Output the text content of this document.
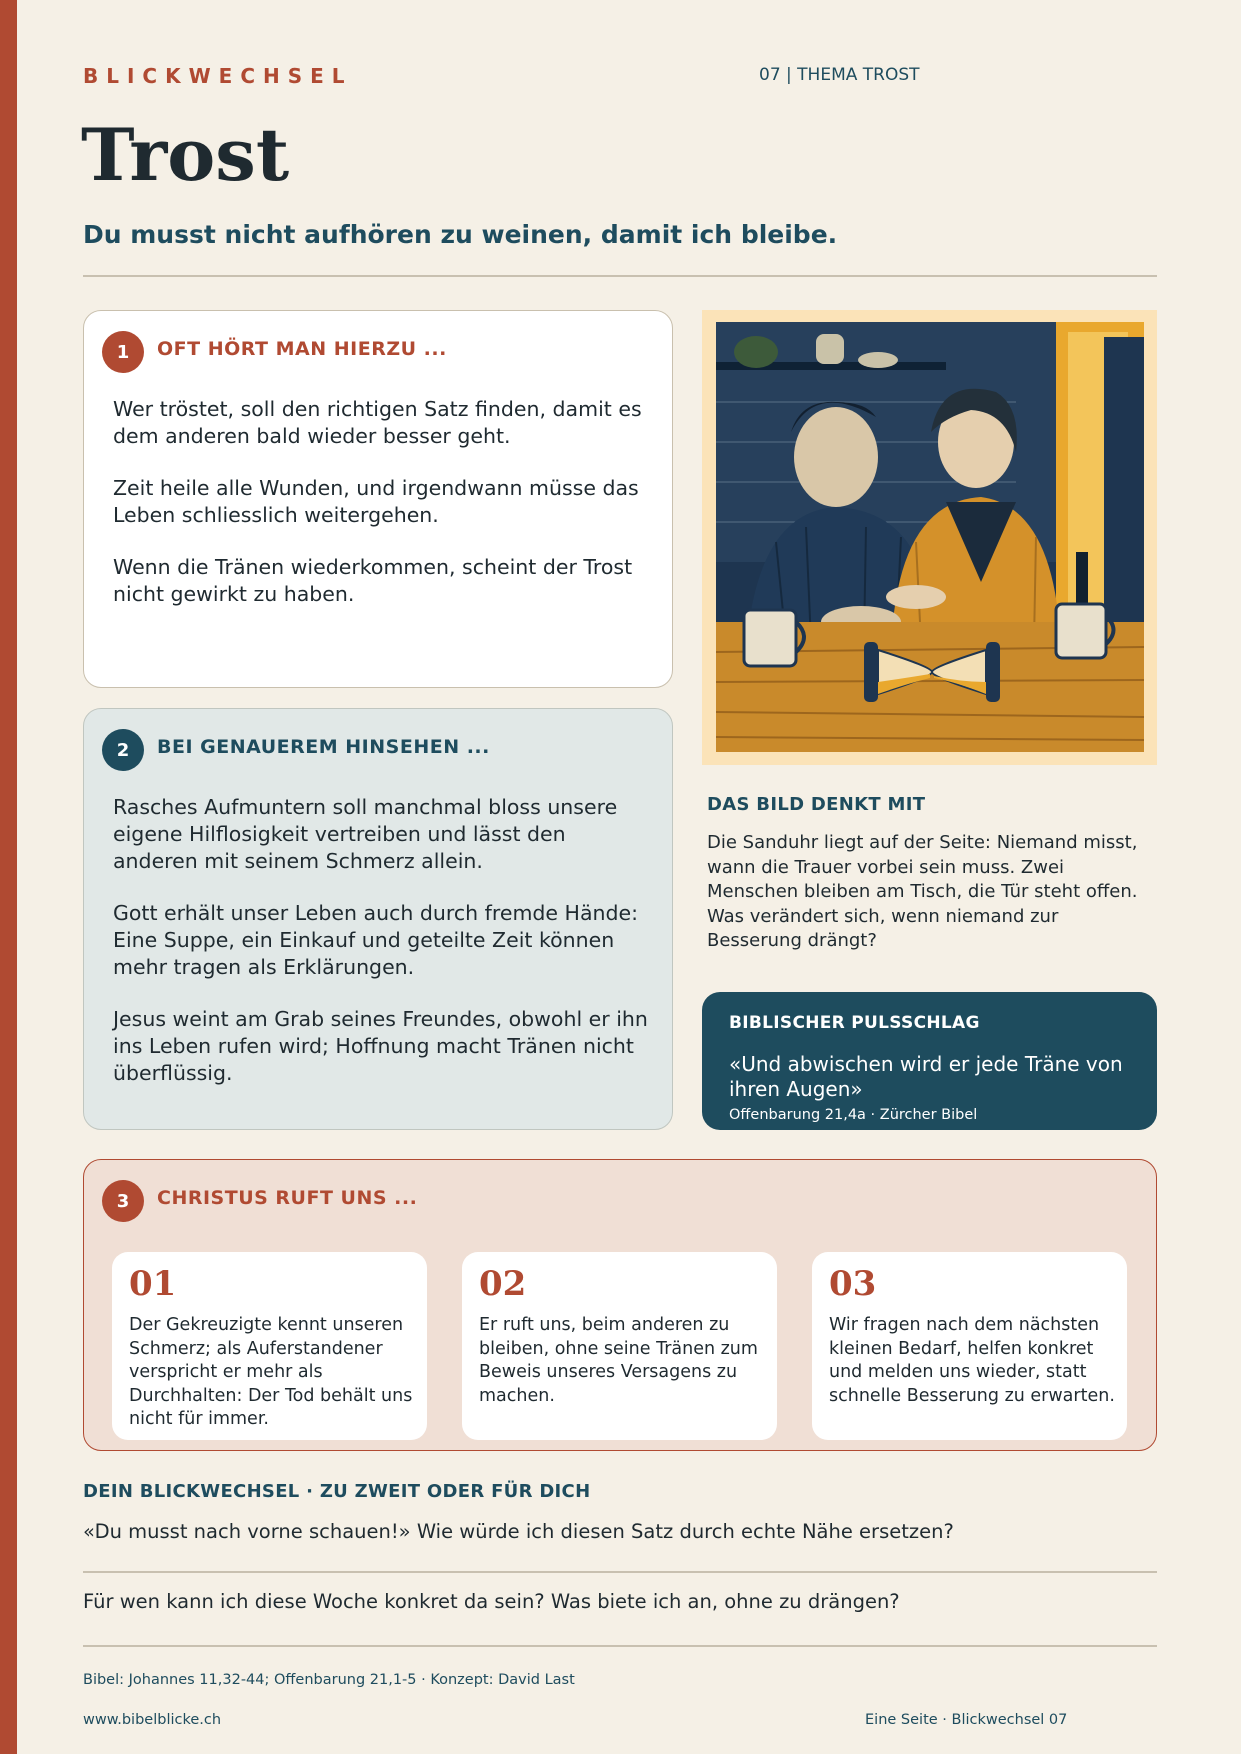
BLICKWECHSEL	07 | THEMA TROST
Trost
Du musst nicht aufhören zu weinen, damit ich bleibe.
1	OFT HÖRT MAN HIERZU ...

Wer tröstet, soll den richtigen Satz finden, damit es dem anderen bald wieder besser geht.

Zeit heile alle Wunden, und irgendwann müsse das Leben schliesslich weitergehen.

Wenn die Tränen wiederkommen, scheint der Trost nicht gewirkt zu haben.

2	BEI GENAUEREM HINSEHEN ...

Rasches Aufmuntern soll manchmal bloss unsere eigene Hilflosigkeit vertreiben und lässt den anderen mit seinem Schmerz allein.

Gott erhält unser Leben auch durch fremde Hände: Eine Suppe, ein Einkauf und geteilte Zeit können mehr tragen als Erklärungen.

Jesus weint am Grab seines Freundes, obwohl er ihn ins Leben rufen wird; Hoffnung macht Tränen nicht überflüssig.

DAS BILD DENKT MIT
Die Sanduhr liegt auf der Seite: Niemand misst, wann die Trauer vorbei sein muss. Zwei Menschen bleiben am Tisch, die Tür steht offen. Was verändert sich, wenn niemand zur Besserung drängt?
BIBLISCHER PULSSCHLAG
«Und abwischen wird er jede Träne von ihren Augen»
Offenbarung 21,4a · Zürcher Bibel
3	CHRISTUS RUFT UNS ...
01
Der Gekreuzigte kennt unseren Schmerz; als Auferstandener verspricht er mehr als Durchhalten: Der Tod behält uns nicht für immer.
02
Er ruft uns, beim anderen zu bleiben, ohne seine Tränen zum Beweis unseres Versagens zu machen.
03
Wir fragen nach dem nächsten kleinen Bedarf, helfen konkret und melden uns wieder, statt schnelle Besserung zu erwarten.
DEIN BLICKWECHSEL · ZU ZWEIT ODER FÜR DICH
«Du musst nach vorne schauen!» Wie würde ich diesen Satz durch echte Nähe ersetzen?
Für wen kann ich diese Woche konkret da sein? Was biete ich an, ohne zu drängen?
Bibel: Johannes 11,32-44; Offenbarung 21,1-5 · Konzept: David Last
www.bibelblicke.ch	Eine Seite · Blickwechsel 07
